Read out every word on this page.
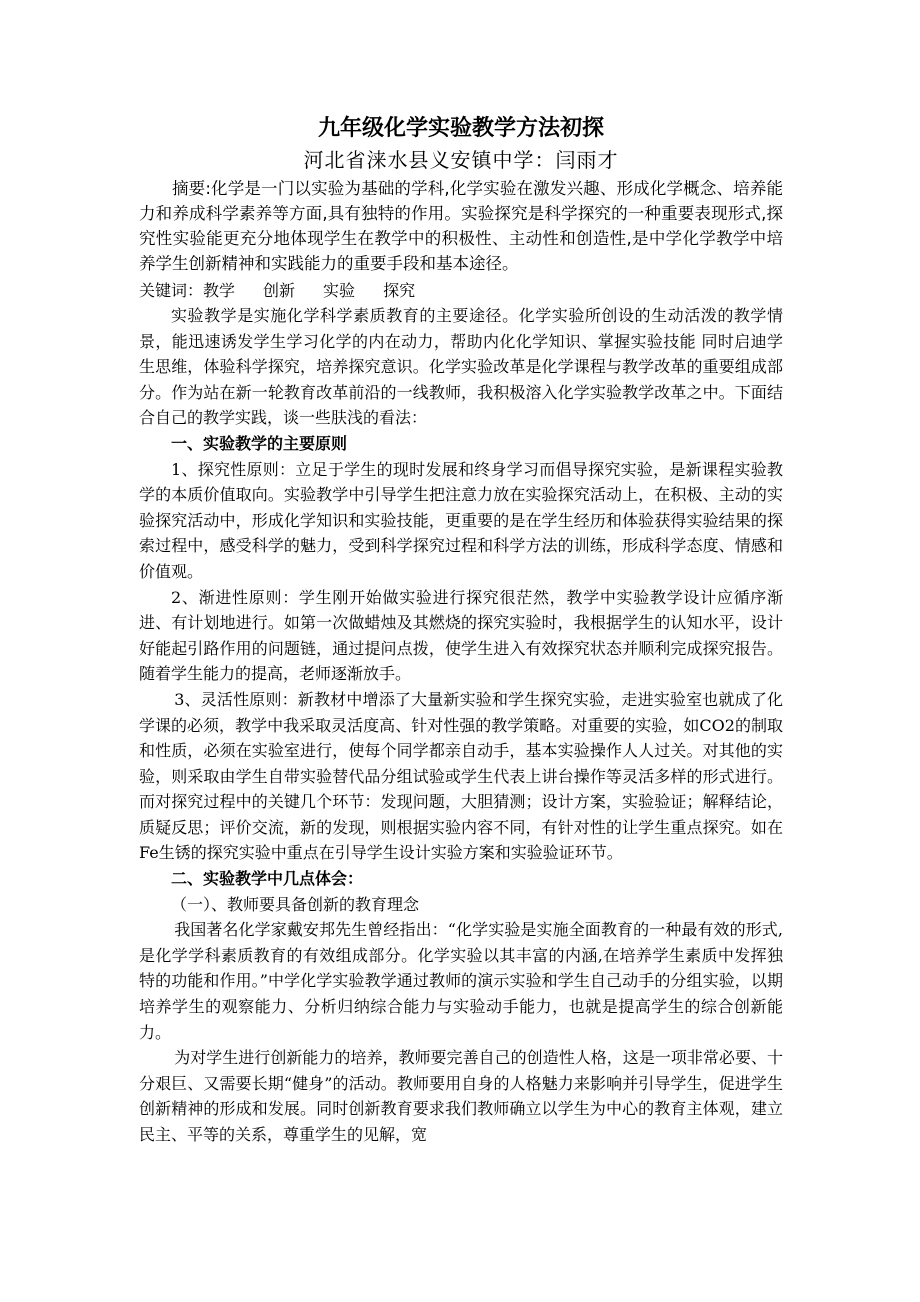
九年级化学实验教学方法初探
河北省涞水县义安镇中学：闫雨才

摘要:化学是一门以实验为基础的学科,化学实验在激发兴趣、形成化学概念、培养能力和养成科学素养等方面,具有独特的作用。实验探究是科学探究的一种重要表现形式,探究性实验能更充分地体现学生在教学中的积极性、主动性和创造性,是中学化学教学中培养学生创新精神和实践能力的重要手段和基本途径。

关键词：教学 创新 实验 探究

实验教学是实施化学科学素质教育的主要途径。化学实验所创设的生动活泼的教学情景，能迅速诱发学生学习化学的内在动力，帮助内化化学知识、掌握实验技能 同时启迪学生思维，体验科学探究，培养探究意识。化学实验改革是化学课程与教学改革的重要组成部分。作为站在新一轮教育改革前沿的一线教师，我积极溶入化学实验教学改革之中。下面结合自己的教学实践，谈一些肤浅的看法：

一、实验教学的主要原则

1、探究性原则：立足于学生的现时发展和终身学习而倡导探究实验，是新课程实验教学的本质价值取向。实验教学中引导学生把注意力放在实验探究活动上，在积极、主动的实验探究活动中，形成化学知识和实验技能，更重要的是在学生经历和体验获得实验结果的探索过程中，感受科学的魅力，受到科学探究过程和科学方法的训练，形成科学态度、情感和价值观。

2、渐进性原则：学生刚开始做实验进行探究很茫然，教学中实验教学设计应循序渐进、有计划地进行。如第一次做蜡烛及其燃烧的探究实验时，我根据学生的认知水平，设计好能起引路作用的问题链，通过提问点拨，使学生进入有效探究状态并顺利完成探究报告。随着学生能力的提高，老师逐渐放手。

3、灵活性原则：新教材中增添了大量新实验和学生探究实验，走进实验室也就成了化学课的必须，教学中我采取灵活度高、针对性强的教学策略。对重要的实验，如CO2的制取和性质，必须在实验室进行，使每个同学都亲自动手，基本实验操作人人过关。对其他的实验，则采取由学生自带实验替代品分组试验或学生代表上讲台操作等灵活多样的形式进行。而对探究过程中的关键几个环节：发现问题，大胆猜测；设计方案，实验验证；解释结论，质疑反思；评价交流，新的发现，则根据实验内容不同，有针对性的让学生重点探究。如在Fe生锈的探究实验中重点在引导学生设计实验方案和实验验证环节。

二、实验教学中几点体会：

（一）、教师要具备创新的教育理念

我国著名化学家戴安邦先生曾经指出：“化学实验是实施全面教育的一种最有效的形式,是化学学科素质教育的有效组成部分。化学实验以其丰富的内涵,在培养学生素质中发挥独特的功能和作用。”中学化学实验教学通过教师的演示实验和学生自己动手的分组实验，以期培养学生的观察能力、分析归纳综合能力与实验动手能力，也就是提高学生的综合创新能力。

为对学生进行创新能力的培养，教师要完善自己的创造性人格，这是一项非常必要、十分艰巨、又需要长期“健身”的活动。教师要用自身的人格魅力来影响并引导学生，促进学生创新精神的形成和发展。同时创新教育要求我们教师确立以学生为中心的教育主体观，建立民主、平等的关系，尊重学生的见解，宽
